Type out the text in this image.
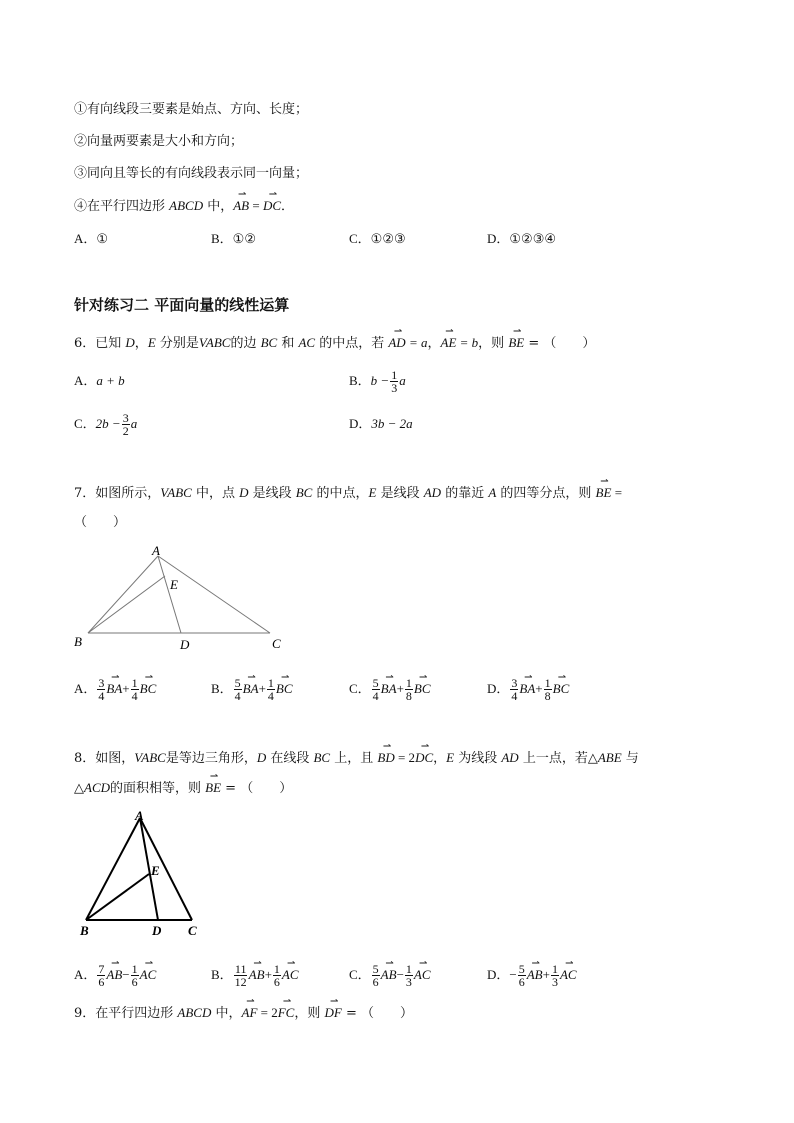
①有向线段三要素是始点、方向、长度；
②向量两要素是大小和方向；
③同向且等长的有向线段表示同一向量；
④在平行四边形 ABCD 中，⇀ AB = ⇀ DC．
A．①	B．①②	C．①②③	D．①②③④
针对练习二 平面向量的线性运算
6．已知 D，E 分别是VABC的边 BC 和 AC 的中点，若 ⇀ AD = a，⇀ AE = b，则 ⇀ BE = （　　）
A．a + b	B． $b - \frac{1}{3}$ a
C． $2b - \frac{3}{2}$ a	D．3b − 2a
7．如图所示，VABC 中，点 D 是线段 BC 的中点，E 是线段 AD 的靠近 A 的四等分点，则 ⇀ BE =
（　　）
A
E
B	D	C
A． $\frac{3}{4}$ ⇀ BA + $\frac{1}{4}$ ⇀ BC	B． $\frac{5}{4}$ ⇀ BA + $\frac{1}{4}$ ⇀ BC	C． $\frac{5}{4}$ ⇀ BA + $\frac{1}{8}$ ⇀ BC	D． $\frac{3}{4}$ ⇀ BA + $\frac{1}{8}$ ⇀ BC
8．如图，VABC是等边三角形，D 在线段 BC 上，且 ⇀ BD = 2⇀ DC，E 为线段 AD 上一点，若△ABE 与
△ACD的面积相等，则 ⇀ BE = （　　）
A
E
B	D C
A． $\frac{7}{6}$ ⇀ AB − $\frac{1}{6}$ ⇀ AC	B． $\frac{11}{12}$ ⇀ AB + $\frac{1}{6}$ ⇀ AC	C． $\frac{5}{6}$ ⇀ AB − $\frac{1}{3}$ ⇀ AC	D． − $\frac{5}{6}$ ⇀ AB + $\frac{1}{3}$ ⇀ AC
9．在平行四边形 ABCD 中，⇀ AF = 2⇀ FC，则 ⇀ DF = （　　）
